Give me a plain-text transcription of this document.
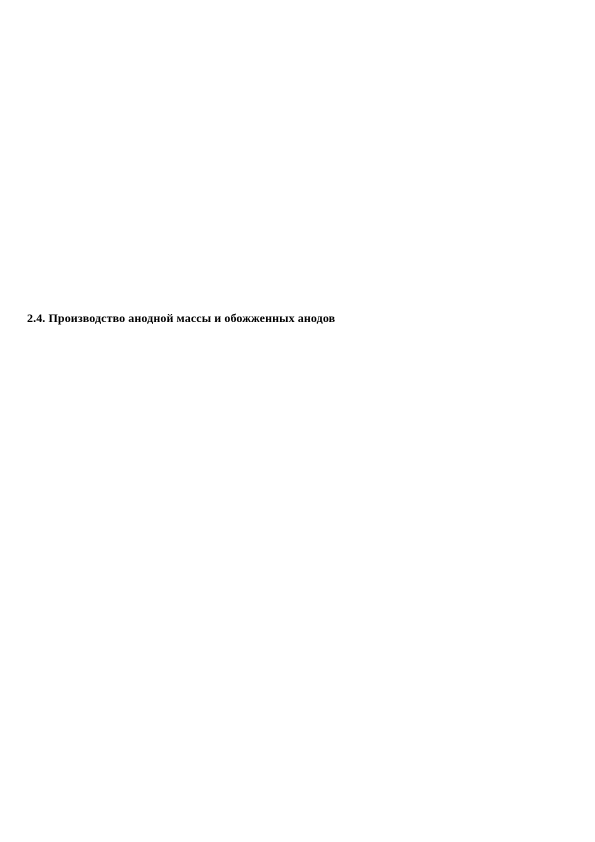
2.4. Производство анодной массы и обожженных анодов
